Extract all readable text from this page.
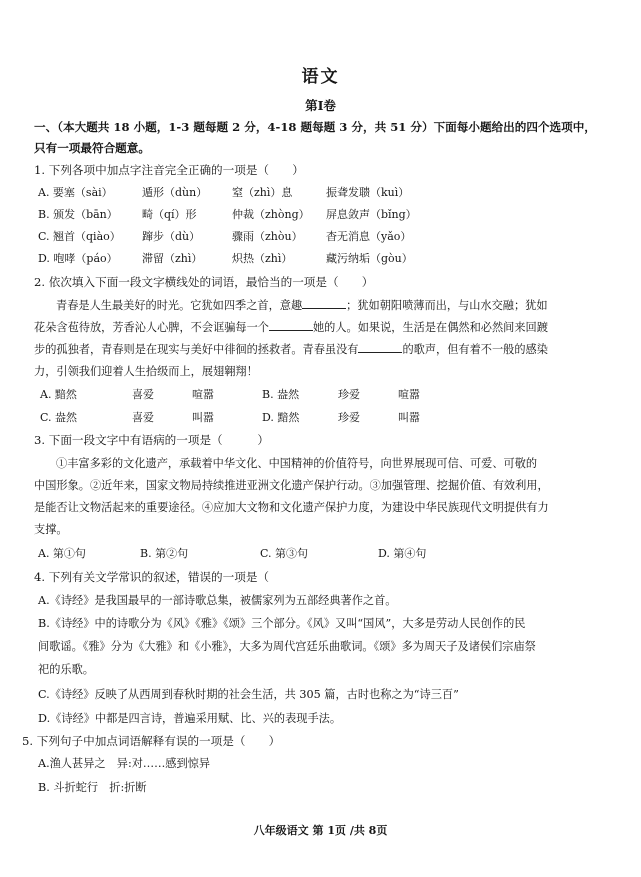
语文
第Ⅰ卷
一、（本大题共 18 小题，1-3 题每题 2 分，4-18 题每题 3 分，共 51 分）下面每小题给出的四个选项中，
只有一项最符合题意。
1. 下列各项中加点字注音完全正确的一项是（　　）
A. 要塞（sài）	遁形（dùn） 窒（zhì）息	振聋发聩（kuì）
B. 颁发（bān） 畸（qí）形	仲裁（zhòng） 屏息敛声（bǐng）
C. 翘首（qiào） 蹿步（dù）	骤雨（zhòu） 杳无消息（yǎo）
D. 咆哮（páo） 滞留（zhì）	炽热（zhì）	藏污纳垢（gòu）
2. 依次填入下面一段文字横线处的词语，最恰当的一项是（　　）
青春是人生最美好的时光。它犹如四季之首，意趣	；犹如朝阳喷薄而出，与山水交融；犹如
花朵含苞待放，芳香沁人心脾，不会诓骗每一个	她的人。如果说，生活是在偶然和必然间来回踱
步的孤独者，青春则是在现实与美好中徘徊的拯救者。青春虽没有	的歌声，但有着不一般的感染
力，引领我们迎着人生拾级而上，展翅翱翔！
A. 黯然	喜爱	喧嚣	B. 盎然	珍爱	喧嚣
C. 盎然	喜爱	叫嚣	D. 黯然	珍爱	叫嚣
3. 下面一段文字中有语病的一项是（　　　）
①丰富多彩的文化遗产，承载着中华文化、中国精神的价值符号，向世界展现可信、可爱、可敬的
中国形象。②近年来，国家文物局持续推进亚洲文化遗产保护行动。③加强管理、挖掘价值、有效利用，
是能否让文物活起来的重要途径。④应加大文物和文化遗产保护力度，为建设中华民族现代文明提供有力
支撑。
A. 第①句	B. 第②句	C. 第③句	D. 第④句
4. 下列有关文学常识的叙述，错误的一项是（
A.《诗经》是我国最早的一部诗歌总集，被儒家列为五部经典著作之首。
B.《诗经》中的诗歌分为《风》《雅》《颂》三个部分。《风》又叫“国风”，大多是劳动人民创作的民
间歌谣。《雅》分为《大雅》和《小雅》，大多为周代宫廷乐曲歌词。《颂》多为周天子及诸侯们宗庙祭
祀的乐歌。
C.《诗经》反映了从西周到春秋时期的社会生活，共 305 篇，古时也称之为“诗三百”
D.《诗经》中都是四言诗，普遍采用赋、比、兴的表现手法。
5. 下列句子中加点词语解释有误的一项是（　　）
A.渔人甚异之　异:对……感到惊异
B. 斗折蛇行　折:折断
八年级语文 第 1页 /共 8页
